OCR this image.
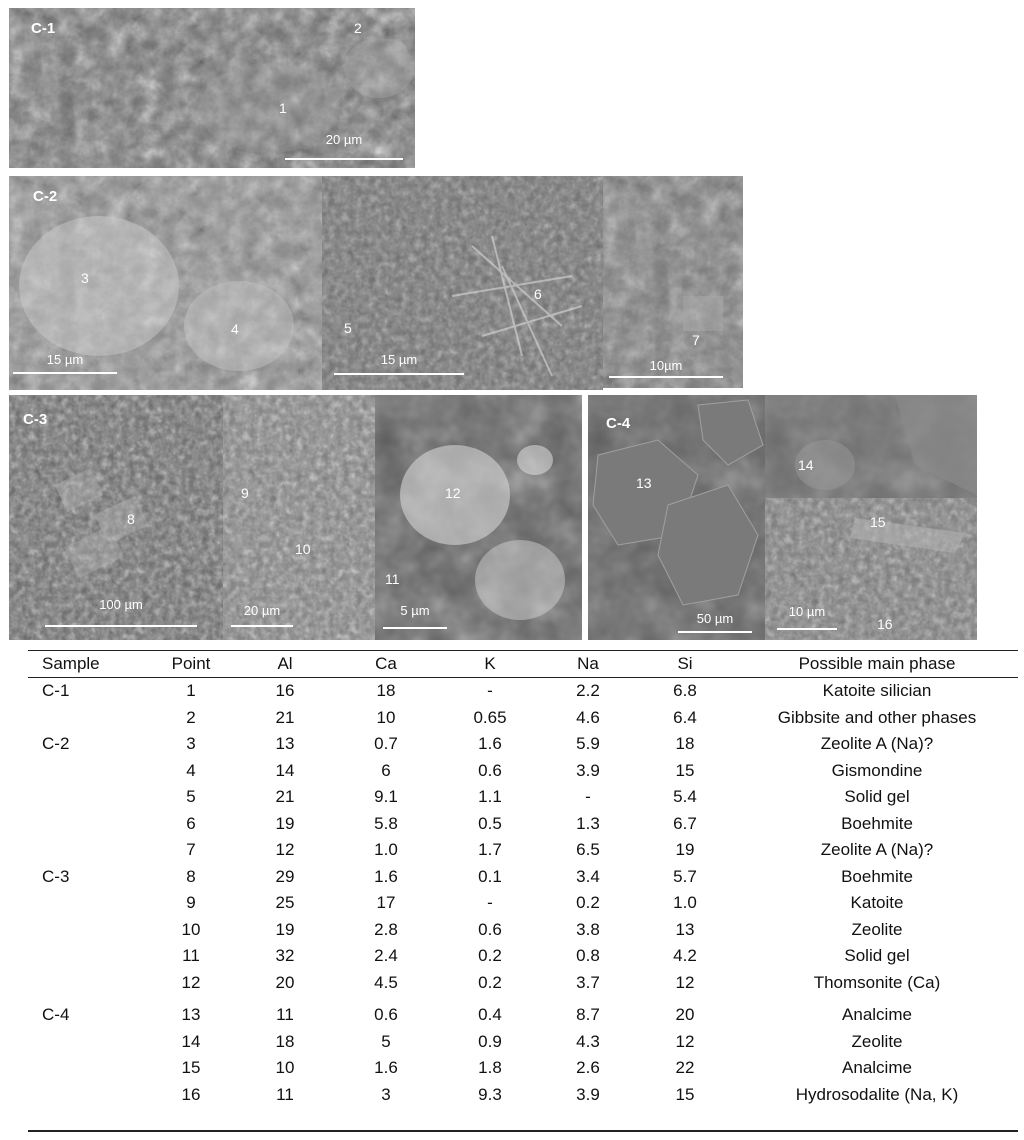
C-1
1
2
20 µm
C-2
3
4
15 µm
5
6
15 µm
7
10µm
C-3
8
100 µm
9
10
20 µm
12
11
5 µm
C-4
13
50 µm
14
15
16
10 µm
Sample	Point	Al	Ca	K	Na	Si	Possible main phase
C-1	1	16	18	-	2.2	6.8	Katoite silician
	2	21	10	0.65	4.6	6.4	Gibbsite and other phases
C-2	3	13	0.7	1.6	5.9	18	Zeolite A (Na)?
	4	14	6	0.6	3.9	15	Gismondine
	5	21	9.1	1.1	-	5.4	Solid gel
	6	19	5.8	0.5	1.3	6.7	Boehmite
	7	12	1.0	1.7	6.5	19	Zeolite A (Na)?
C-3	8	29	1.6	0.1	3.4	5.7	Boehmite
	9	25	17	-	0.2	1.0	Katoite
	10	19	2.8	0.6	3.8	13	Zeolite
	11	32	2.4	0.2	0.8	4.2	Solid gel
	12	20	4.5	0.2	3.7	12	Thomsonite (Ca)
C-4	13	11	0.6	0.4	8.7	20	Analcime
	14	18	5	0.9	4.3	12	Zeolite
	15	10	1.6	1.8	2.6	22	Analcime
	16	11	3	9.3	3.9	15	Hydrosodalite (Na, K)
